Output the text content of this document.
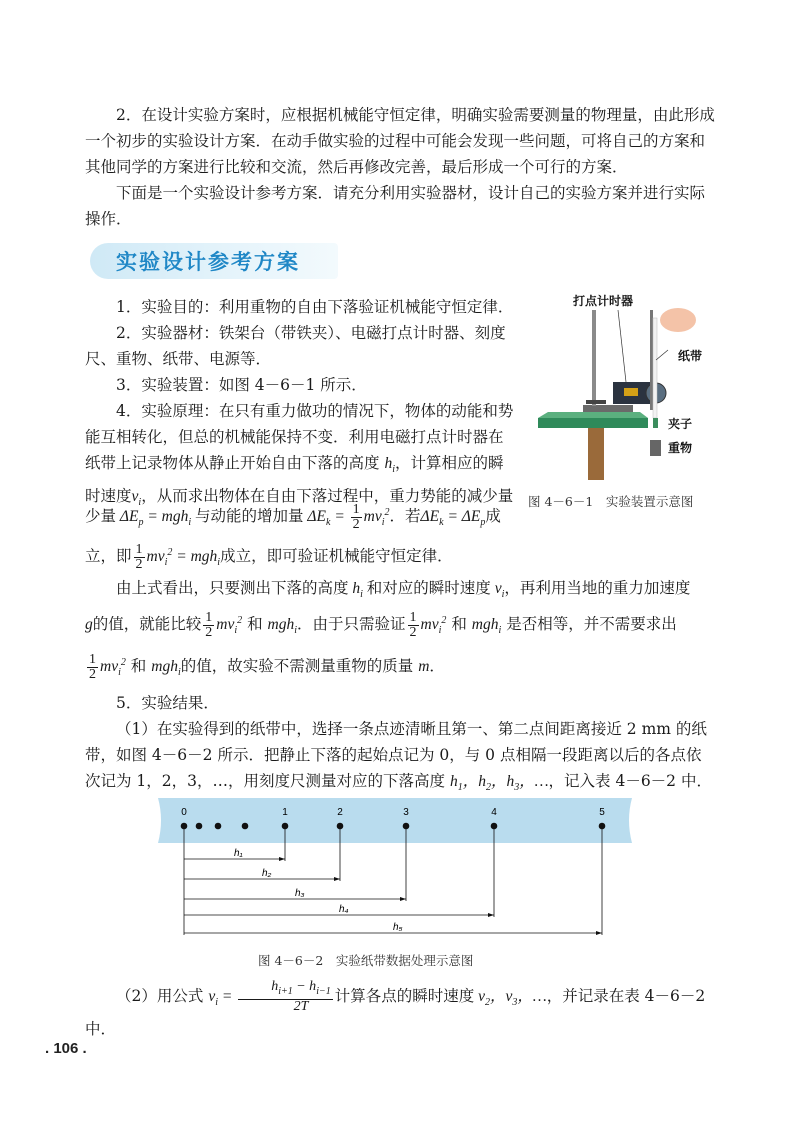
2．在设计实验方案时，应根据机械能守恒定律，明确实验需要测量的物理量，由此形成一个初步的实验设计方案．在动手做实验的过程中可能会发现一些问题，可将自己的方案和其他同学的方案进行比较和交流，然后再修改完善，最后形成一个可行的方案．

下面是一个实验设计参考方案．请充分利用实验器材，设计自己的实验方案并进行实际操作．

实验设计参考方案

1．实验目的：利用重物的自由下落验证机械能守恒定律．

2．实验器材：铁架台（带铁夹）、电磁打点计时器、刻度尺、重物、纸带、电源等．

3．实验装置：如图 4－6－1 所示．

4．实验原理：在只有重力做功的情况下，物体的动能和势能互相转化，但总的机械能保持不变．利用电磁打点计时器在纸带上记录物体从静止开始自由下落的高度 $h_i$，计算相应的瞬时速度$v_i$，从而求出物体在自由下落过程中，重力势能的减少量

少量 $\Delta E_p = mgh_i$ 与动能的增加量 $\Delta E_k = \frac{1}{2} mv_i^2$．若$\Delta E_k = \Delta E_p$成

立，即 $\frac{1}{2} mv_i^2 = mgh_i$成立，即可验证机械能守恒定律．

由上式看出，只要测出下落的高度 $h_i$ 和对应的瞬时速度 $v_i$，再利用当地的重力加速度

g的值，就能比较 $\frac{1}{2} mv_i^2$ 和 mgh$_i$．由于只需验证 $\frac{1}{2} mv_i^2$ 和 mgh$_i$ 是否相等，并不需要求出

$\frac{1}{2} mv_i^2$ 和 mgh$_i$的值，故实验不需测量重物的质量 m．

5．实验结果．

（1）在实验得到的纸带中，选择一条点迹清晰且第一、第二点间距离接近 2 mm 的纸带，如图 4－6－2 所示．把静止下落的起始点记为 0，与 0 点相隔一段距离以后的各点依次记为 1，2，3，…，用刻度尺测量对应的下落高度 $h_1$，$h_2$，$h_3$，…，记入表 4－6－2 中．

打点计时器
纸带
夹子
重物
图 4－6－1　实验装置示意图
0	1	2	3	4	5
h₁
h₂
h₃
h₄
h₅
图 4－6－2　实验纸带数据处理示意图

（2）用公式 $v_i = \frac{h_{i+1} - h_{i-1}}{2T}$ 计算各点的瞬时速度 $v_2$，$v_3$，…，并记录在表 4－6－2 中．

. 106 .
